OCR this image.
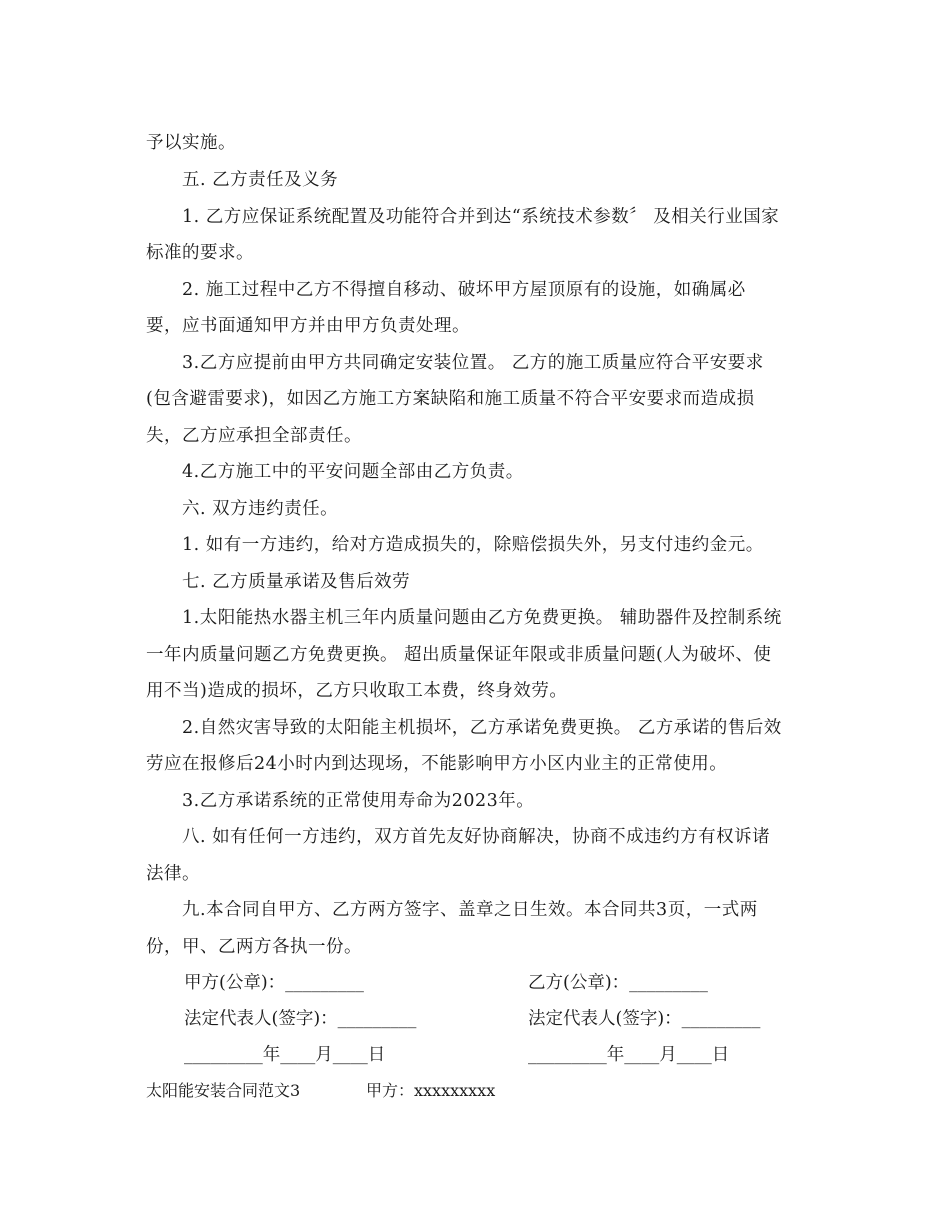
予以实施。
五. 乙方责任及义务
1. 乙方应保证系统配置及功能符合并到达“系统技术参数〞 及相关行业国家
标准的要求。
2. 施工过程中乙方不得擅自移动、破坏甲方屋顶原有的设施，如确属必
要，应书面通知甲方并由甲方负责处理。
3.乙方应提前由甲方共同确定安装位置。 乙方的施工质量应符合平安要求
(包含避雷要求)，如因乙方施工方案缺陷和施工质量不符合平安要求而造成损
失，乙方应承担全部责任。
4.乙方施工中的平安问题全部由乙方负责。
六. 双方违约责任。
1. 如有一方违约，给对方造成损失的，除赔偿损失外，另支付违约金元。
七. 乙方质量承诺及售后效劳
1.太阳能热水器主机三年内质量问题由乙方免费更换。 辅助器件及控制系统
一年内质量问题乙方免费更换。 超出质量保证年限或非质量问题(人为破坏、使
用不当)造成的损坏，乙方只收取工本费，终身效劳。
2.自然灾害导致的太阳能主机损坏，乙方承诺免费更换。 乙方承诺的售后效
劳应在报修后24小时内到达现场，不能影响甲方小区内业主的正常使用。
3.乙方承诺系统的正常使用寿命为2023年。
八. 如有任何一方违约，双方首先友好协商解决，协商不成违约方有权诉诸
法律。
九.本合同自甲方、乙方两方签字、盖章之日生效。本合同共3页，一式两
份，甲、乙两方各执一份。
甲方(公章)：_________	乙方(公章)：_________
法定代表人(签字)：_________	法定代表人(签字)：_________
_________年____月____日	_________年____月____日
太阳能安装合同范文3	甲方：xxxxxxxxx
